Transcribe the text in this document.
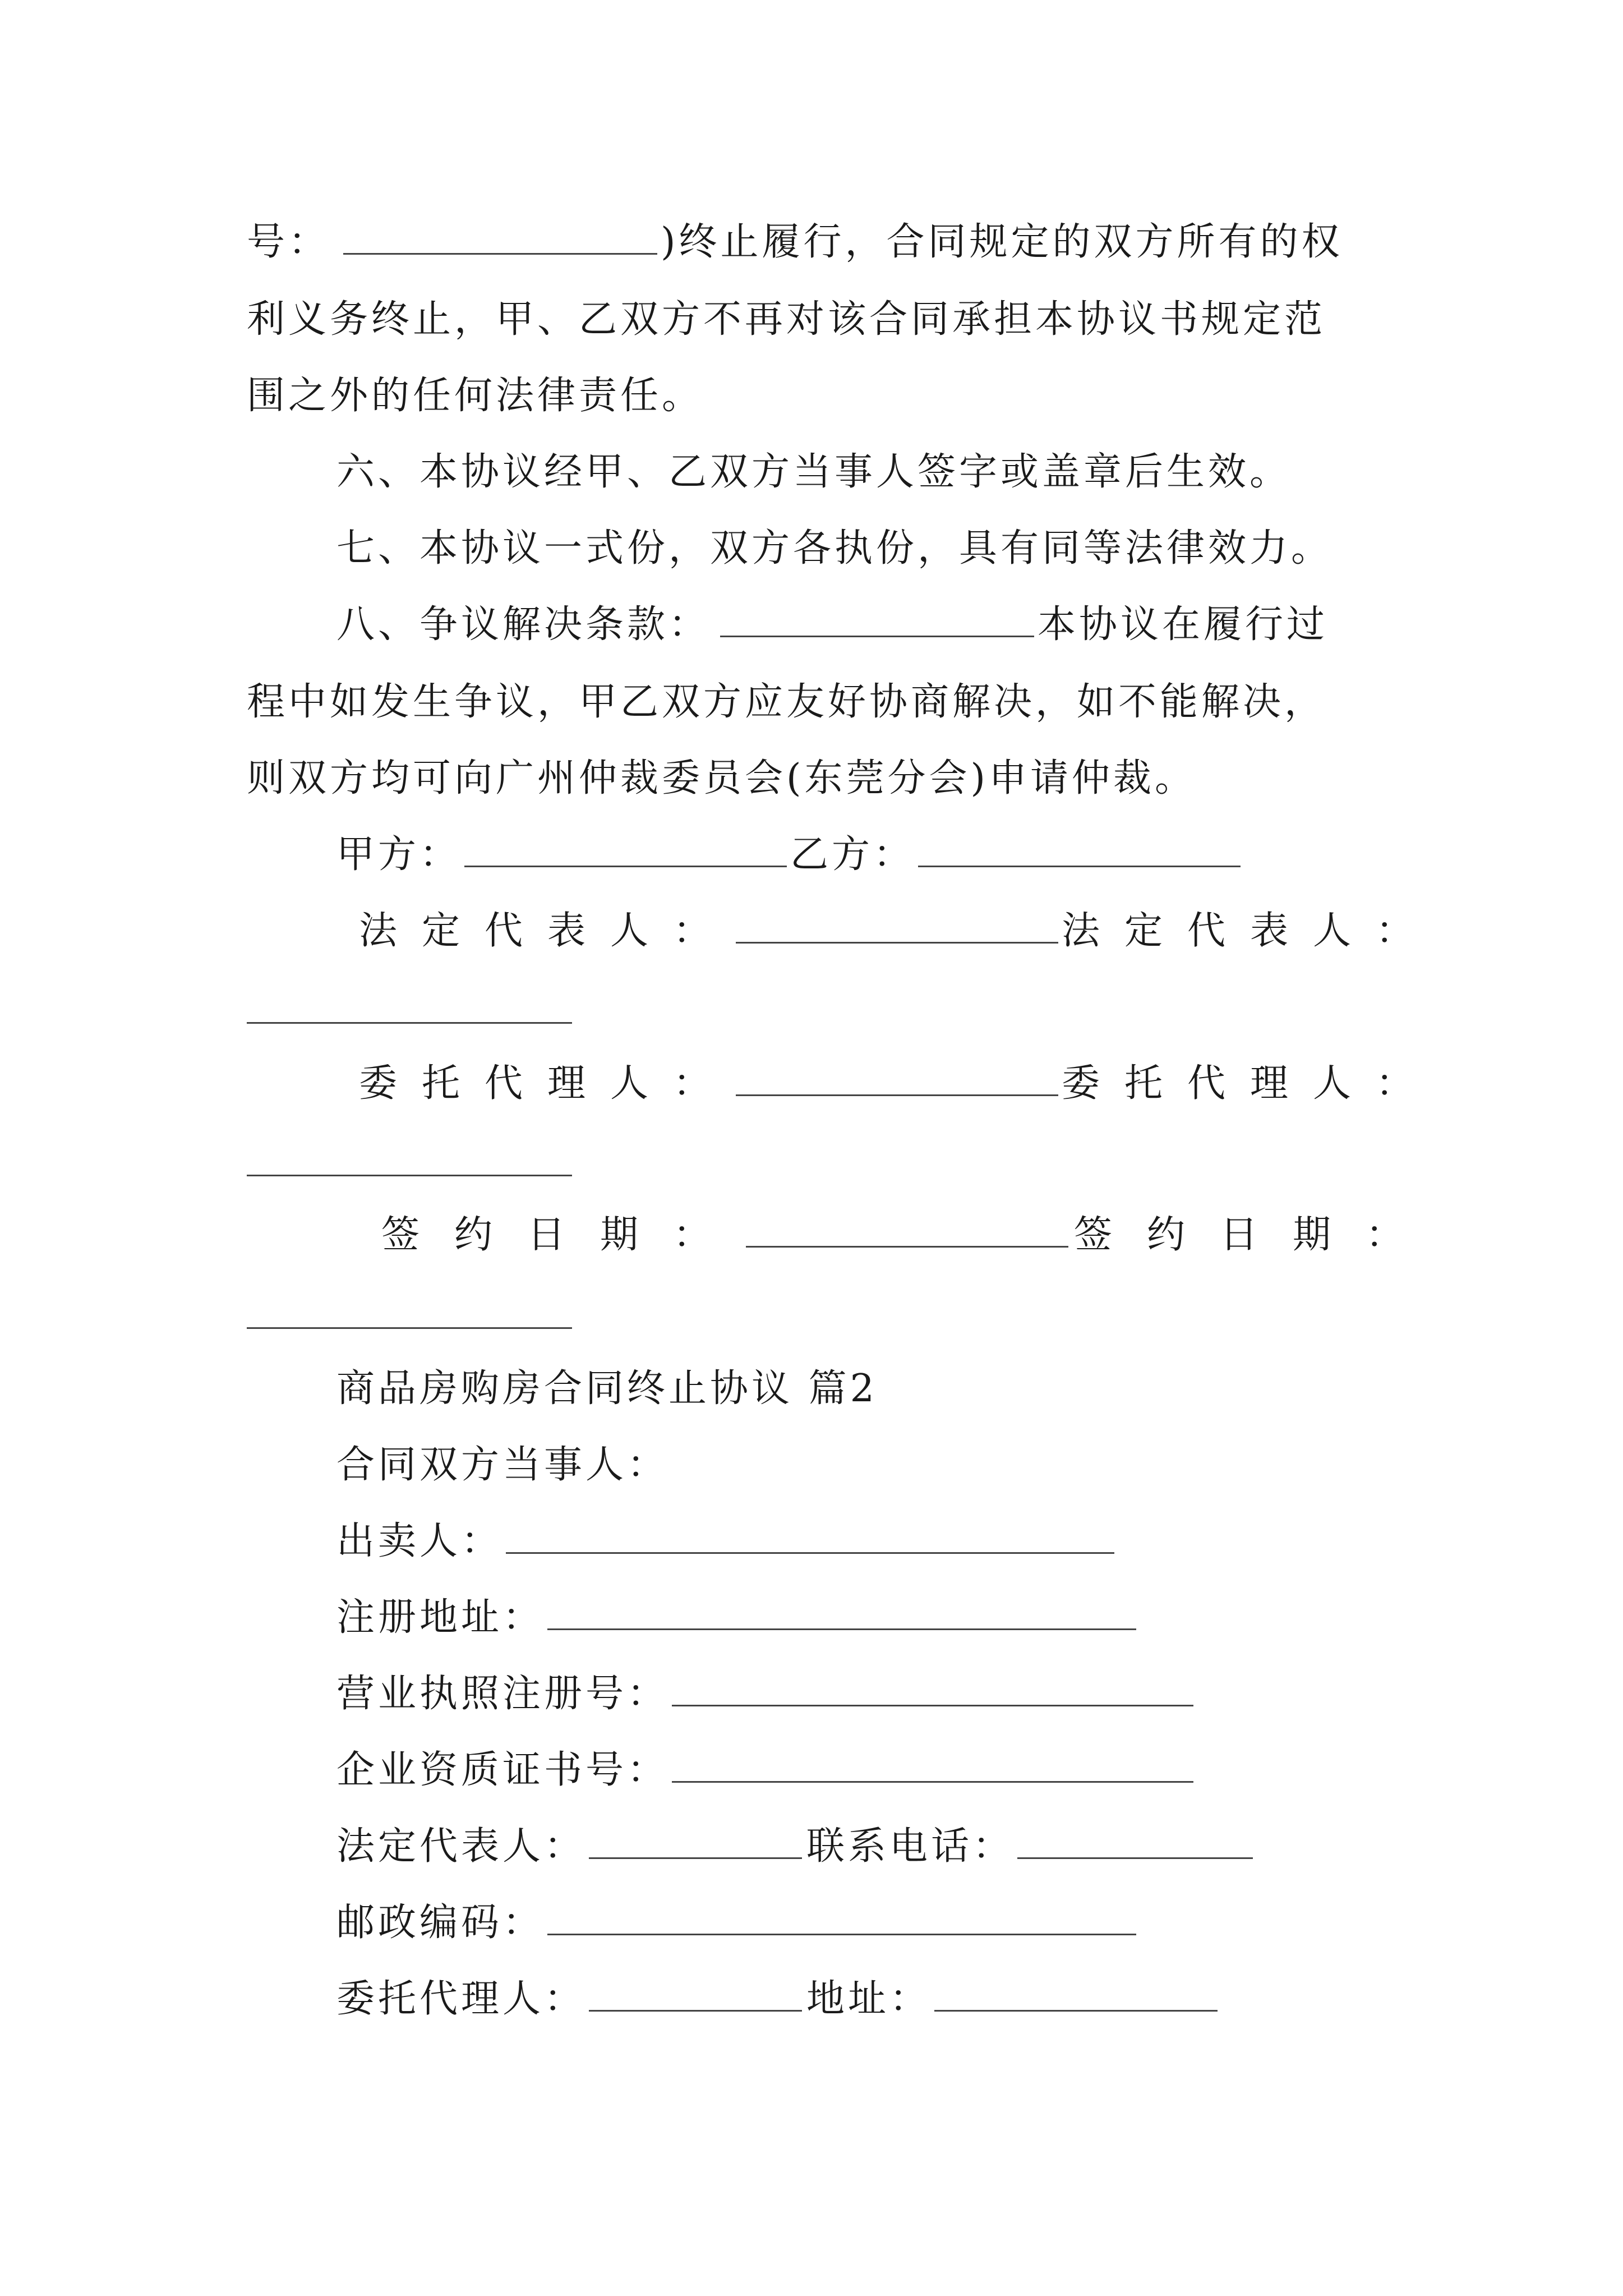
号：	)终止履行，合同规定的双方所有的权
利义务终止，甲、乙双方不再对该合同承担本协议书规定范
围之外的任何法律责任。
六、本协议经甲、乙双方当事人签字或盖章后生效。
七、本协议一式份，双方各执份，具有同等法律效力。
八、争议解决条款：	本协议在履行过
程中如发生争议，甲乙双方应友好协商解决，如不能解决，
则双方均可向广州仲裁委员会(东莞分会)申请仲裁。
甲方：	乙方：
法定代表人：	法定代表人：
委托代理人：	委托代理人：
签约日期：	签约日期：
商品房购房合同终止协议 篇2
合同双方当事人：
出卖人：
注册地址：
营业执照注册号：
企业资质证书号：
法定代表人：	联系电话：
邮政编码：
委托代理人：	地址：
